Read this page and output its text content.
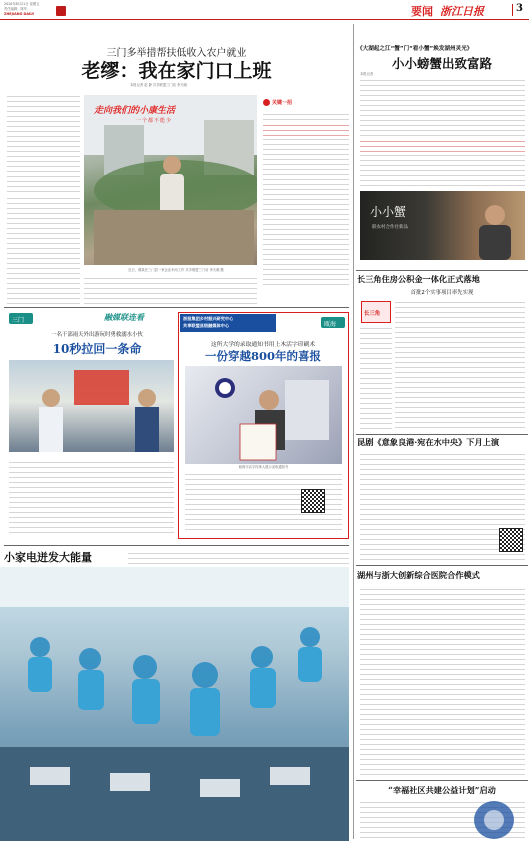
2020年8月21日 星期五
责任编辑：陈华
ZHEJIANG DAILY	要闻 浙江日报	3
三门多举措帮扶低收入农户就业
老缪：我在家门口上班
本报记者 赵 静 共享联盟三门站 李天晓
走向我们的小康生活
一个都不能少
关键一招
近日，缪某在三门县一家企业车间工作 共享联盟三门站 李天晓 摄
三门	融媒联连看
一名干部雨天外出游玩时勇救溺水小伙
10秒拉回一条命
浙报集团乡村振兴研究中心
共享联盟县级融媒体中心	瓯海
这所大学的录取通知书用上木活字印刷术
一份穿越800年的喜报
瓯海木活字传承人展示录取通知书
小家电迸发大能量
《大湖起之江“蟹”门“看小蟹”焕发湖州灵光》
小小螃蟹出致富路
本报记者
小小蟹
联农村合作社新品
长三角住房公积金一体化正式落地
首批2个实事项目率先实现
长三角
昆剧《意象良港·宛在水中央》下月上演
湖州与浙大创新综合医院合作模式
“幸福社区共建公益计划”启动
